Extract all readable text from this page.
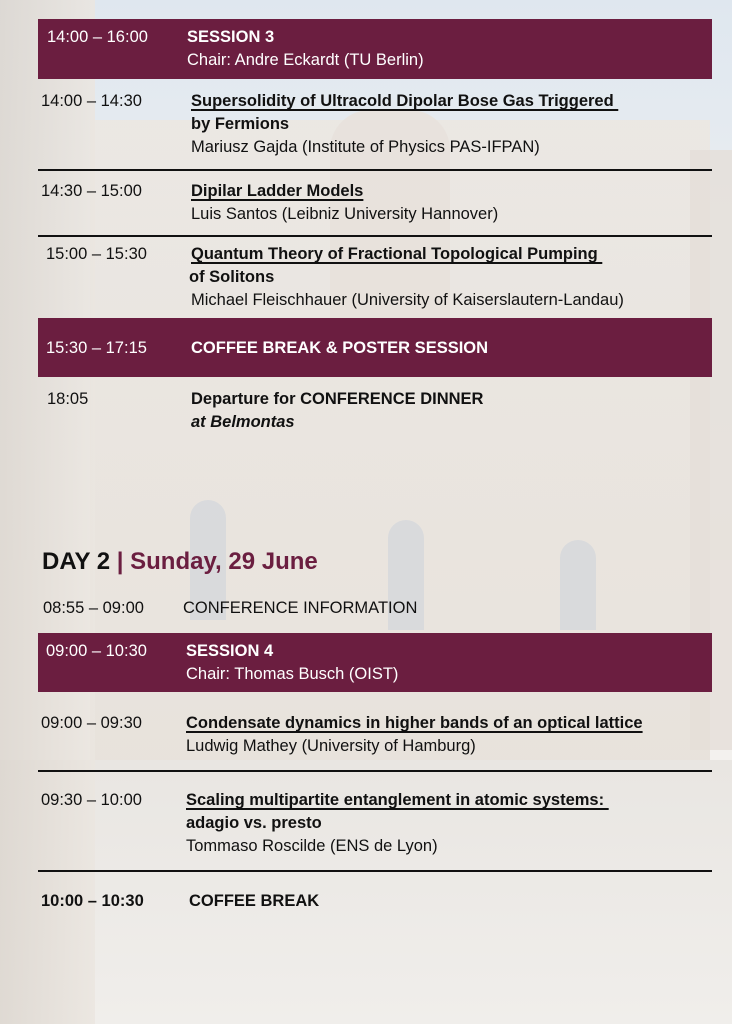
14:00 – 16:00 SESSION 3
Chair: Andre Eckardt (TU Berlin)
14:00 – 14:30	Supersolidity of Ultracold Dipolar Bose Gas Triggered
by Fermions
Mariusz Gajda (Institute of Physics PAS-IFPAN)
14:30 – 15:00	Dipilar Ladder Models
Luis Santos (Leibniz University Hannover)
15:00 – 15:30	Quantum Theory of Fractional Topological Pumping
of Solitons
Michael Fleischhauer (University of Kaiserslautern-Landau)
15:30 – 17:15	COFFEE BREAK & POSTER SESSION
18:05	Departure for CONFERENCE DINNER
at Belmontas
DAY 2 | Sunday, 29 June
08:55 – 09:00 CONFERENCE INFORMATION
09:00 – 10:30 SESSION 4
Chair: Thomas Busch (OIST)
09:00 – 09:30	Condensate dynamics in higher bands of an optical lattice
Ludwig Mathey (University of Hamburg)
09:30 – 10:00	Scaling multipartite entanglement in atomic systems:
adagio vs. presto
Tommaso Roscilde (ENS de Lyon)
10:00 – 10:30	COFFEE BREAK
